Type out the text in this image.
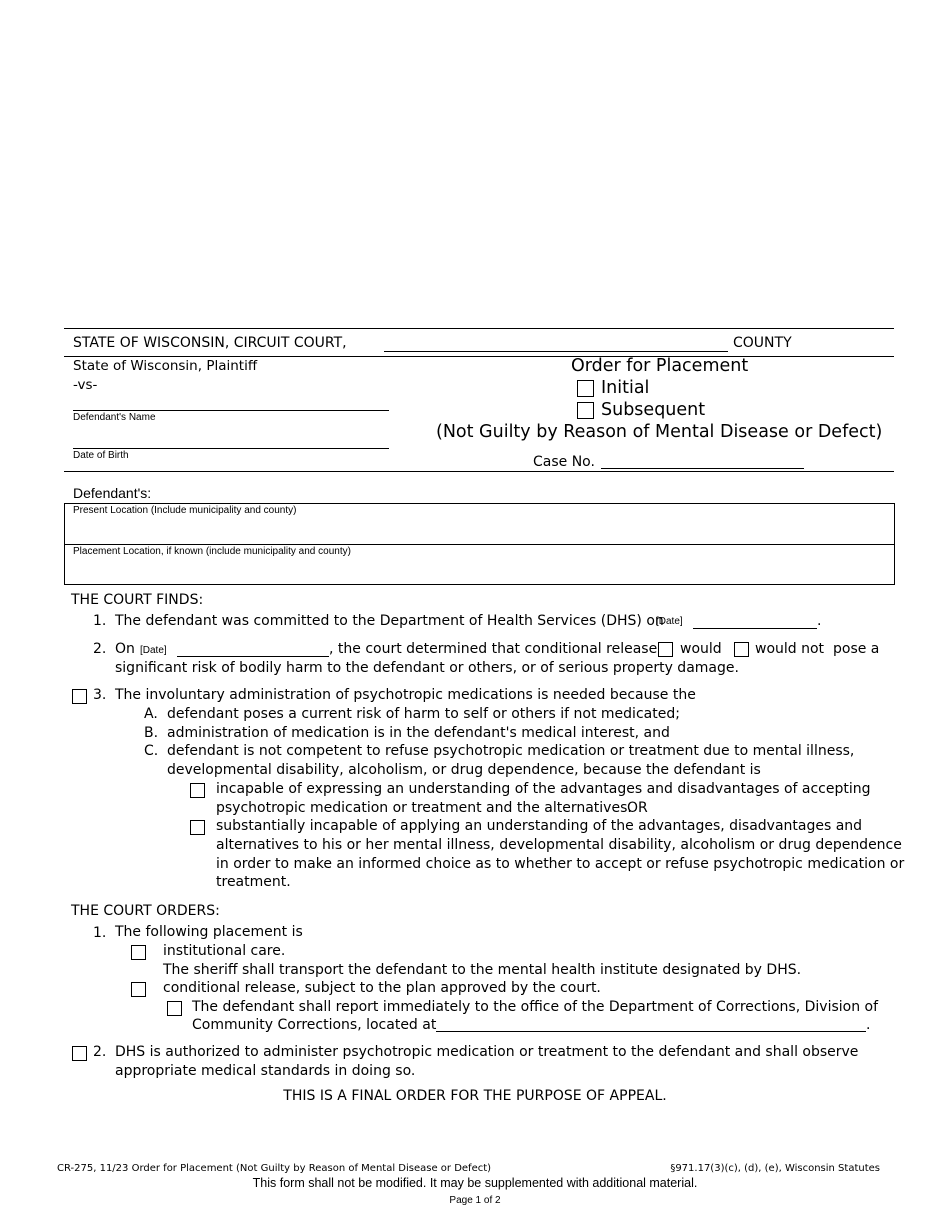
STATE OF WISCONSIN, CIRCUIT COURT,	COUNTY
State of Wisconsin, Plaintiff
-vs-
Defendant's Name
Date of Birth
Order for Placement
Initial
Subsequent
(Not Guilty by Reason of Mental Disease or Defect)
Case No.
Defendant's:
Present Location (Include municipality and county)
Placement Location, if known (include municipality and county)
THE COURT FINDS:
1. The defendant was committed to the Department of Health Services (DHS) on
[Date]	.
2. On [Date]	, the court determined that conditional release would would not pose a
significant risk of bodily harm to the defendant or others, or of serious property damage.
3. The involuntary administration of psychotropic medications is needed because the
A. defendant poses a current risk of harm to self or others if not medicated;
B. administration of medication is in the defendant's medical interest, and
C. defendant is not competent to refuse psychotropic medication or treatment due to mental illness,
developmental disability, alcoholism, or drug dependence, because the defendant is
incapable of expressing an understanding of the advantages and disadvantages of accepting
psychotropic medication or treatment and the alternatives.
OR
substantially incapable of applying an understanding of the advantages, disadvantages and
alternatives to his or her mental illness, developmental disability, alcoholism or drug dependence
in order to make an informed choice as to whether to accept or refuse psychotropic medication or
treatment.
THE COURT ORDERS:
1. The following placement is
institutional care.
The sheriff shall transport the defendant to the mental health institute designated by DHS.
conditional release, subject to the plan approved by the court.
The defendant shall report immediately to the office of the Department of Corrections, Division of
Community Corrections, located at	.
2. DHS is authorized to administer psychotropic medication or treatment to the defendant and shall observe
appropriate medical standards in doing so.
THIS IS A FINAL ORDER FOR THE PURPOSE OF APPEAL.
CR-275, 11/23 Order for Placement (Not Guilty by Reason of Mental Disease or Defect)	§971.17(3)(c), (d), (e), Wisconsin Statutes
This form shall not be modified. It may be supplemented with additional material.
Page 1 of 2
